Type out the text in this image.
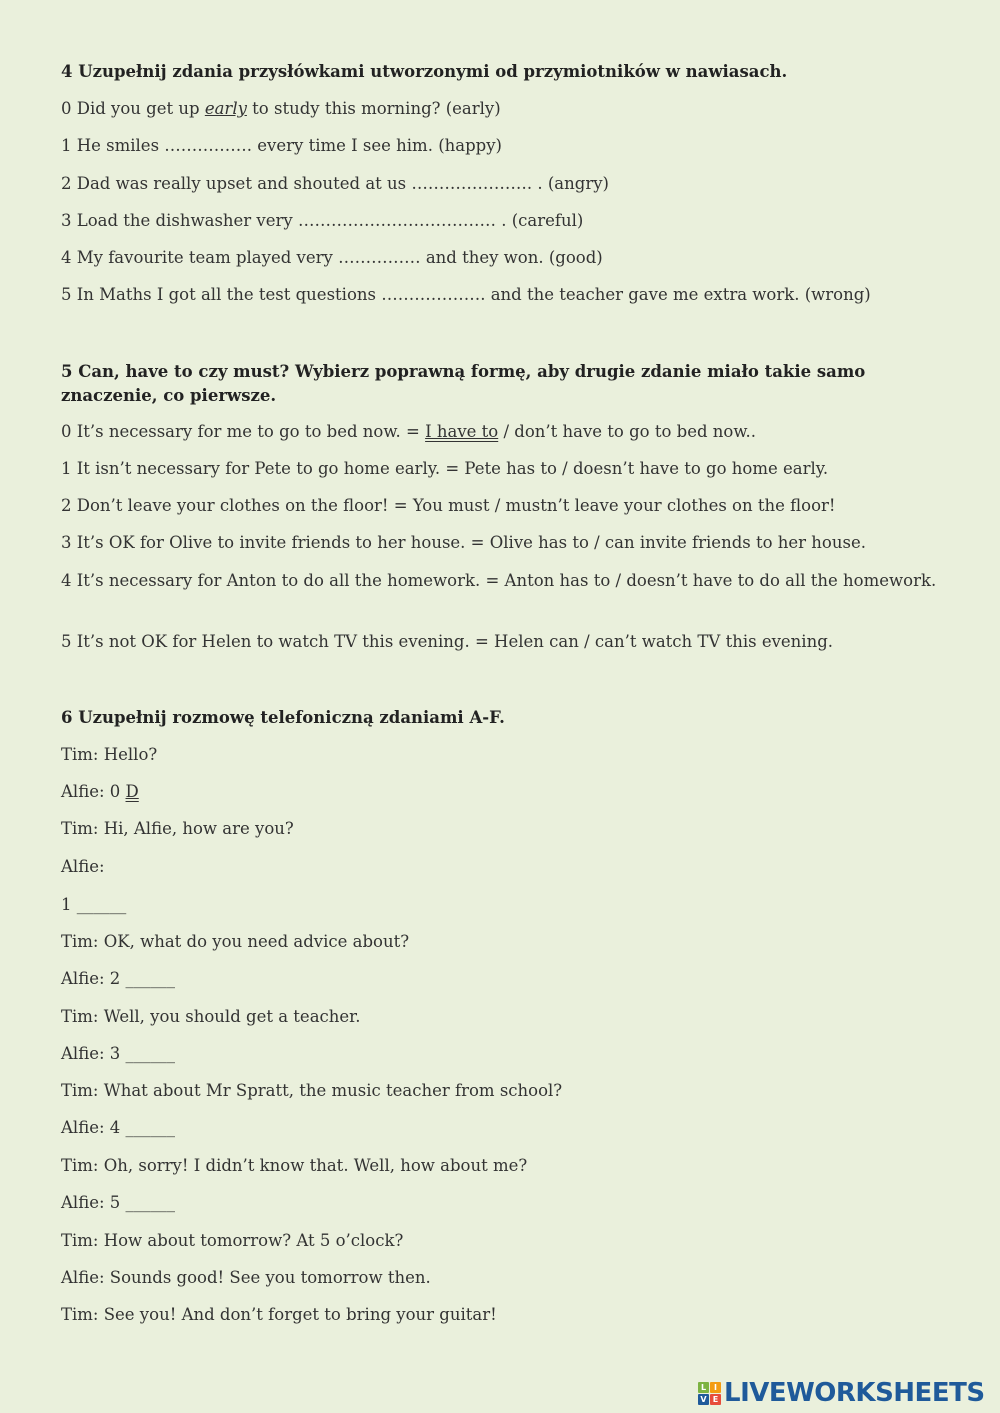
4 Uzupełnij zdania przysłówkami utworzonymi od przymiotników w nawiasach.
0 Did you get up early to study this morning? (early)
1 He smiles ……………. every time I see him. (happy)
2 Dad was really upset and shouted at us …………………. . (angry)
3 Load the dishwasher very ……………………………… . (careful)
4 My favourite team played very …………… and they won. (good)
5 In Maths I got all the test questions ………………. and the teacher gave me extra work. (wrong)
5 Can, have to czy must? Wybierz poprawną formę, aby drugie zdanie miało takie samo znaczenie, co pierwsze.
0 It’s necessary for me to go to bed now. = I have to / don’t have to go to bed now..
1 It isn’t necessary for Pete to go home early. = Pete has to / doesn’t have to go home early.
2 Don’t leave your clothes on the floor! = You must / mustn’t leave your clothes on the floor!
3 It’s OK for Olive to invite friends to her house. = Olive has to / can invite friends to her house.
4 It’s necessary for Anton to do all the homework. = Anton has to / doesn’t have to do all the homework.
5 It’s not OK for Helen to watch TV this evening. = Helen can / can’t watch TV this evening.
6 Uzupełnij rozmowę telefoniczną zdaniami A-F.
Tim: Hello?
Alfie: 0 D
Tim: Hi, Alfie, how are you?
Alfie:
1 ______
Tim: OK, what do you need advice about?
Alfie: 2 ______
Tim: Well, you should get a teacher.
Alfie: 3 ______
Tim: What about Mr Spratt, the music teacher from school?
Alfie: 4 ______
Tim: Oh, sorry! I didn’t know that. Well, how about me?
Alfie: 5 ______
Tim: How about tomorrow? At 5 o’clock?
Alfie: Sounds good! See you tomorrow then.
Tim: See you! And don’t forget to bring your guitar!
L I
V E LIVEWORKSHEETS
